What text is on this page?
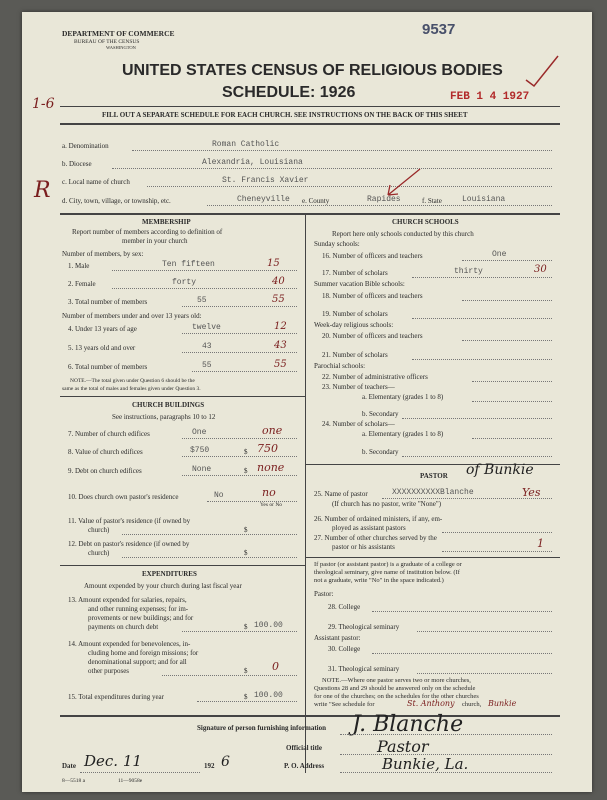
DEPARTMENT OF COMMERCE
BUREAU OF THE CENSUS
WASHINGTON
9537
UNITED STATES CENSUS OF RELIGIOUS BODIES
SCHEDULE: 1926	FEB 1 4 1927
1-6
FILL OUT A SEPARATE SCHEDULE FOR EACH CHURCH. SEE INSTRUCTIONS ON THE BACK OF THIS SHEET
a. Denomination	Roman Catholic
b. Diocese	Alexandria, Louisiana
c. Local name of church	St. Francis Xavier
R d. City, town, village, or township, etc.	Cheneyville e. County	Rapides	f. State	Louisiana
MEMBERSHIP
Report number of members according to definition of
member in your church
Number of members, by sex:
1. Male	Ten fifteen	15
2. Female	forty	40
3. Total number of members	55	55
Number of members under and over 13 years old:
4. Under 13 years of age	twelve	12
5. 13 years old and over	43	43
6. Total number of members	55	55
NOTE.—The total given under Question 6 should be the
same as the total of males and females given under Question 3.
CHURCH BUILDINGS
See instructions, paragraphs 10 to 12
7. Number of church edifices	One	one
8. Value of church edifices	$750	$ 750
9. Debt on church edifices	None	$ none
10. Does church own pastor's residence	No	no
Yes or No
11. Value of pastor's residence (if owned by
church)	$
12. Debt on pastor's residence (if owned by
church)	$
EXPENDITURES
Amount expended by your church during last fiscal year
13. Amount expended for salaries, repairs,
and other running expenses; for im-
provements or new buildings; and for
payments on church debt	$ 100.00
14. Amount expended for benevolences, in-
cluding home and foreign missions; for
denominational support; and for all
other purposes	$ 0
15. Total expenditures during year	$ 100.00
CHURCH SCHOOLS
Report here only schools conducted by this church
Sunday schools:
16. Number of officers and teachers	One
17. Number of scholars	thirty	30
Summer vacation Bible schools:
18. Number of officers and teachers
19. Number of scholars
Week-day religious schools:
20. Number of officers and teachers
21. Number of scholars
Parochial schools:
22. Number of administrative officers
23. Number of teachers—
a. Elementary (grades 1 to 8)
b. Secondary
24. Number of scholars—
a. Elementary (grades 1 to 8)
b. Secondary
PASTOR of Bunkie
25. Name of pastor	XXXXXXXXXXBlanche	Yes
(If church has no pastor, write "None")
26. Number of ordained ministers, if any, em-
ployed as assistant pastors
27. Number of other churches served by the
pastor or his assistants	1
If pastor (or assistant pastor) is a graduate of a college or
theological seminary, give name of institution below. (If
not a graduate, write "No" in the space indicated.)
Pastor:
28. College
29. Theological seminary
Assistant pastor:
30. College
31. Theological seminary
NOTE.—Where one pastor serves two or more churches,
Questions 28 and 29 should be answered only on the schedule
for one of the churches; on the schedules for the other churches
write "See schedule for	St. Anthony church, Bunkie
Signature of person furnishing information J. Blanche
Official title	Pastor
Date Dec. 11	192 6	P. O. Address	Bunkie, La.
8—5518 a	11—9058e
